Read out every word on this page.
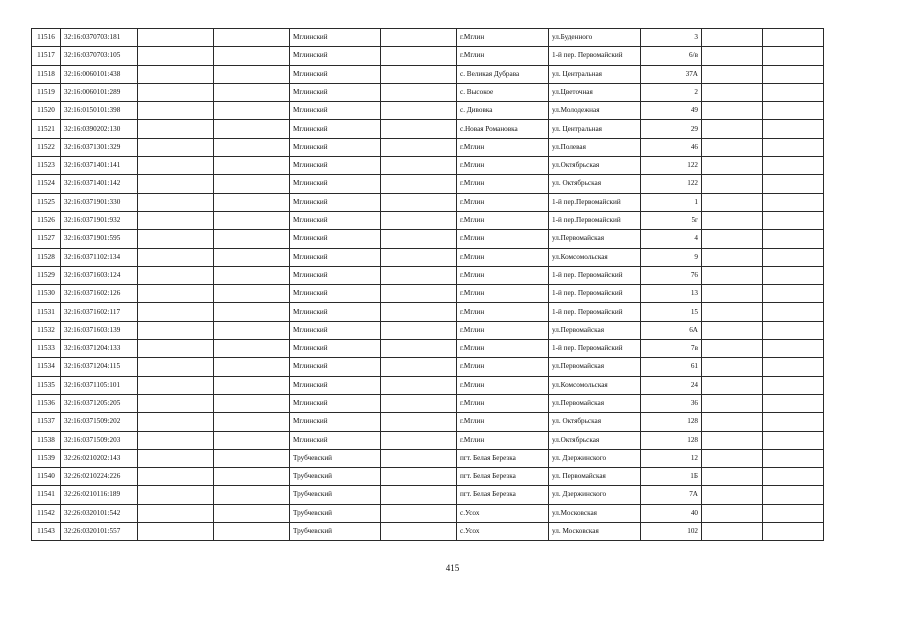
11516	32:16:0370703:181			Мглинский		г.Мглин	ул.Буденного	3		
11517	32:16:0370703:105			Мглинский		г.Мглин	1-й пер. Первомайский	6/в		
11518	32:16:0060101:438			Мглинский		с. Великая Дубрава	ул. Центральная	37А		
11519	32:16:0060101:289			Мглинский		с. Высокое	ул.Цветочная	2		
11520	32:16:0150101:398			Мглинский		с. Дивовка	ул.Молодежная	49		
11521	32:16:0390202:130			Мглинский		с.Новая Романовка	ул. Центральная	29		
11522	32:16:0371301:329			Мглинский		г.Мглин	ул.Полевая	46		
11523	32:16:0371401:141			Мглинский		г.Мглин	ул.Октябрьская	122		
11524	32:16:0371401:142			Мглинский		г.Мглин	ул. Октябрьская	122		
11525	32:16:0371901:330			Мглинский		г.Мглин	1-й пер.Первомайский	1		
11526	32:16:0371901:932			Мглинский		г.Мглин	1-й пер.Первомайский	5г		
11527	32:16:0371901:595			Мглинский		г.Мглин	ул.Первомайская	4		
11528	32:16:0371102:134			Мглинский		г.Мглин	ул.Комсомольская	9		
11529	32:16:0371603:124			Мглинский		г.Мглин	1-й пер. Первомайский	76		
11530	32:16:0371602:126			Мглинский		г.Мглин	1-й пер. Первомайский	13		
11531	32:16:0371602:117			Мглинский		г.Мглин	1-й пер. Первомайский	15		
11532	32:16:0371603:139			Мглинский		г.Мглин	ул.Первомайская	6А		
11533	32:16:0371204:133			Мглинский		г.Мглин	1-й пер. Первомайский	7в		
11534	32:16:0371204:115			Мглинский		г.Мглин	ул.Первомайская	61		
11535	32:16:0371105:101			Мглинский		г.Мглин	ул.Комсомольская	24		
11536	32:16:0371205:205			Мглинский		г.Мглин	ул.Первомайская	36		
11537	32:16:0371509:202			Мглинский		г.Мглин	ул. Октябрьская	128		
11538	32:16:0371509:203			Мглинский		г.Мглин	ул.Октябрьская	128		
11539	32:26:0210202:143			Трубчевский		пгт. Белая Березка	ул. Дзержинского	12		
11540	32:26:0210224:226			Трубчевский		пгт. Белая Березка	ул. Первомайская	1Б		
11541	32:26:0210116:189			Трубчевский		пгт. Белая Березка	ул. Дзержинского	7А		
11542	32:26:0320101:542			Трубчевский		с.Усох	ул.Московская	40		
11543	32:26:0320101:557			Трубчевский		с.Усох	ул. Московская	102		
415
